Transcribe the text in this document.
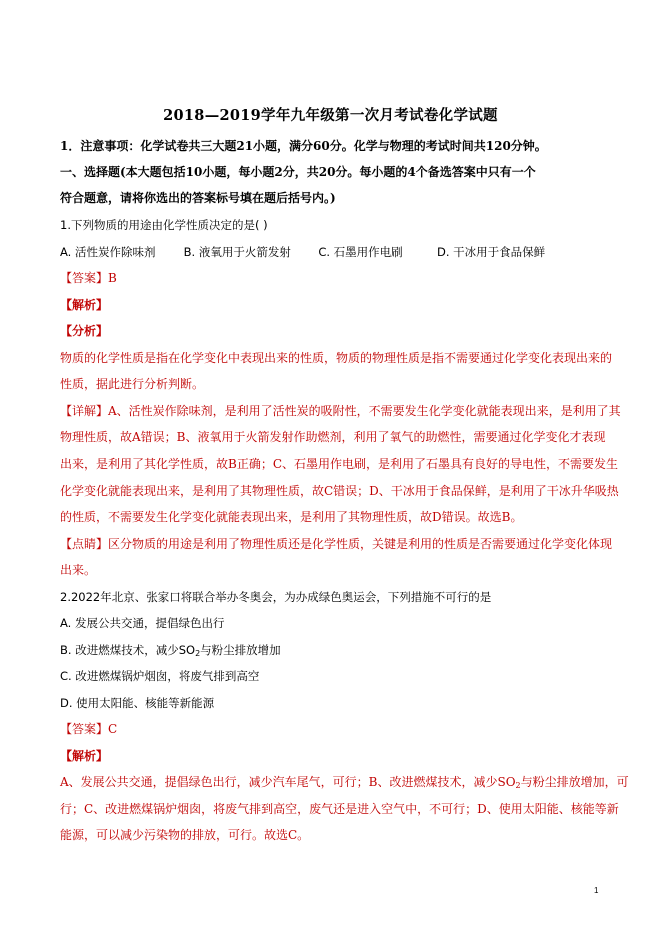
2018—2019学年九年级第一次月考试卷化学试题
1．注意事项：化学试卷共三大题21小题，满分60分。化学与物理的考试时间共120分钟。
一、选择题(本大题包括10小题，每小题2分，共20分。每小题的4个备选答案中只有一个
符合题意，请将你选出的答案标号填在题后括号内。)
1.下列物质的用途由化学性质决定的是( )
A. 活性炭作除味剂 B. 液氧用于火箭发射 C. 石墨用作电刷	D. 干冰用于食品保鲜
【答案】B
【解析】
【分析】
物质的化学性质是指在化学变化中表现出来的性质，物质的物理性质是指不需要通过化学变化表现出来的
性质，据此进行分析判断。
【详解】A、活性炭作除味剂，是利用了活性炭的吸附性，不需要发生化学变化就能表现出来，是利用了其
物理性质，故A错误；B、液氧用于火箭发射作助燃剂，利用了氧气的助燃性，需要通过化学变化才表现
出来，是利用了其化学性质，故B正确；C、石墨用作电刷，是利用了石墨具有良好的导电性，不需要发生
化学变化就能表现出来，是利用了其物理性质，故C错误；D、干冰用于食品保鲜，是利用了干冰升华吸热
的性质，不需要发生化学变化就能表现出来，是利用了其物理性质，故D错误。故选B。
【点睛】区分物质的用途是利用了物理性质还是化学性质，关键是利用的性质是否需要通过化学变化体现
出来。
2.2022年北京、张家口将联合举办冬奥会，为办成绿色奥运会，下列措施不可行的是
A. 发展公共交通，提倡绿色出行
B. 改进燃煤技术，减少$SO_2$与粉尘排放增加
C. 改进燃煤锅炉烟囱，将废气排到高空
D. 使用太阳能、核能等新能源
【答案】C
【解析】
A、发展公共交通，提倡绿色出行，减少汽车尾气，可行；B、改进燃煤技术，减少$SO_2$与粉尘排放增加，可
行；C、改进燃煤锅炉烟囱，将废气排到高空，废气还是进入空气中，不可行；D、使用太阳能、核能等新
能源，可以减少污染物的排放，可行。故选C。
1
